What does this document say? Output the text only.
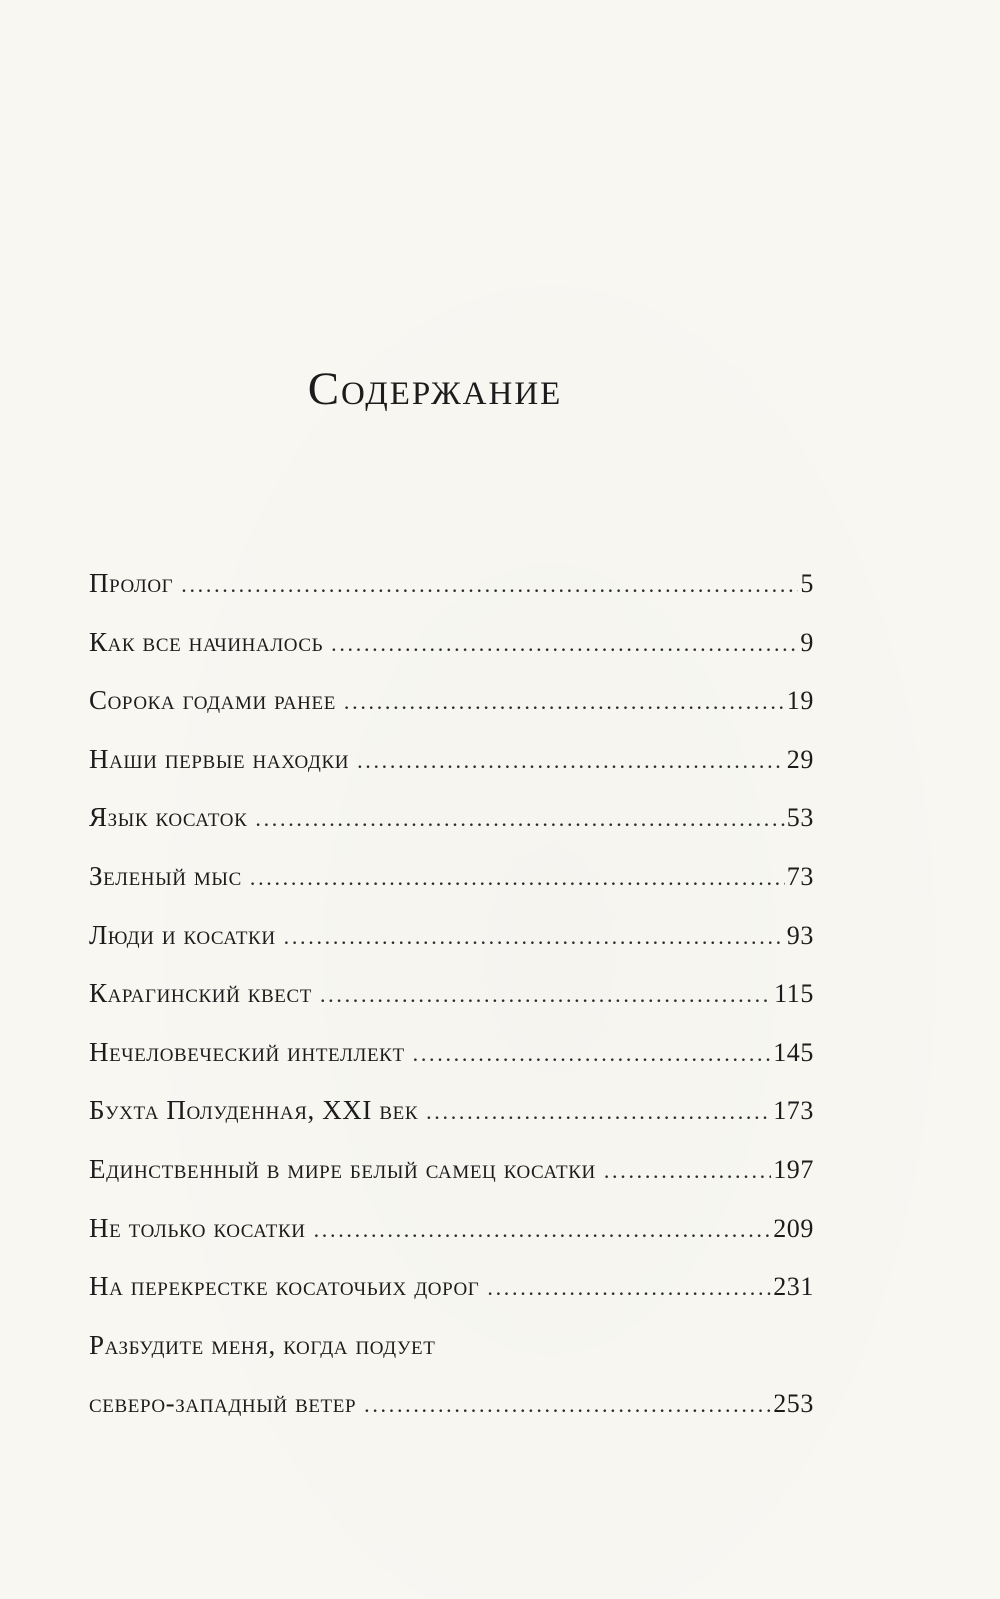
Содержание
Пролог . . .	5
Как все начиналось . . .	9
Сорока годами ранее . . .	19
Наши первые находки . . .	29
Язык косаток . . .	53
Зеленый мыс . . .	73
Люди и косатки . . .	93
Карагинский квест . . .	115
Нечеловеческий интеллект . . .	145
Бухта Полуденная, XXI век . . .	173
Единственный в мире белый самец косатки . . .	197
Не только косатки . . .	209
На перекрестке косаточьих дорог . . .	231
Разбудите меня, когда подует
северо-западный ветер . . .	253
